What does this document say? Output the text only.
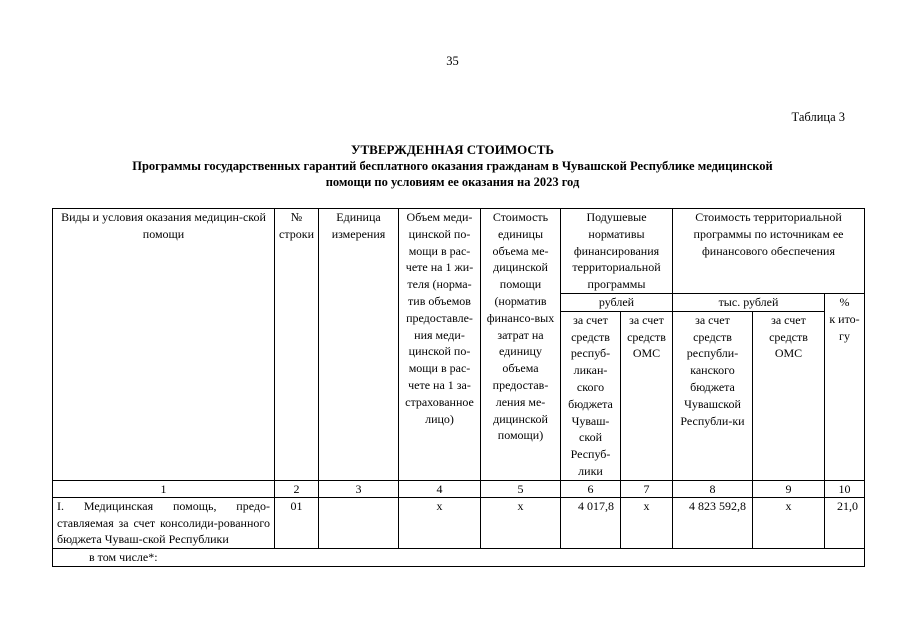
35
Таблица 3
УТВЕРЖДЕННАЯ СТОИМОСТЬ
Программы государственных гарантий бесплатного оказания гражданам в Чувашской Республике медицинской
помощи по условиям ее оказания на 2023 год
Виды и условия оказания медицин-ской помощи	№ строки	Единица измерения	Объем меди-цинской по-мощи в рас-чете на 1 жи-теля (норма-тив объемов предоставле-ния меди-цинской по-мощи в рас-чете на 1 за-страхованное лицо)	Стоимость единицы объема ме-дицинской помощи (норматив финансо-вых затрат на единицу объема предостав-ления ме-дицинской помощи)	Подушевые нормативы финансирования территориальной программы		Стоимость территориальной программы по источникам ее финансового обеспечения		
					рублей		тыс. рублей		%
					за счет средств респуб-ликан-ского бюджета Чуваш-ской Респуб-лики	за счет средств ОМС	за счет средств республи-канского бюджета Чувашской Республи-ки	за счет средств ОМС	к ито-гу
1	2	3	4	5	6	7	8	9	10
I. Медицинская помощь, предо-ставляемая за счет консолиди-рованного бюджета Чуваш-ской Республики	01		х	х	4 017,8	х	4 823 592,8	х	21,0
в том числе*:									
